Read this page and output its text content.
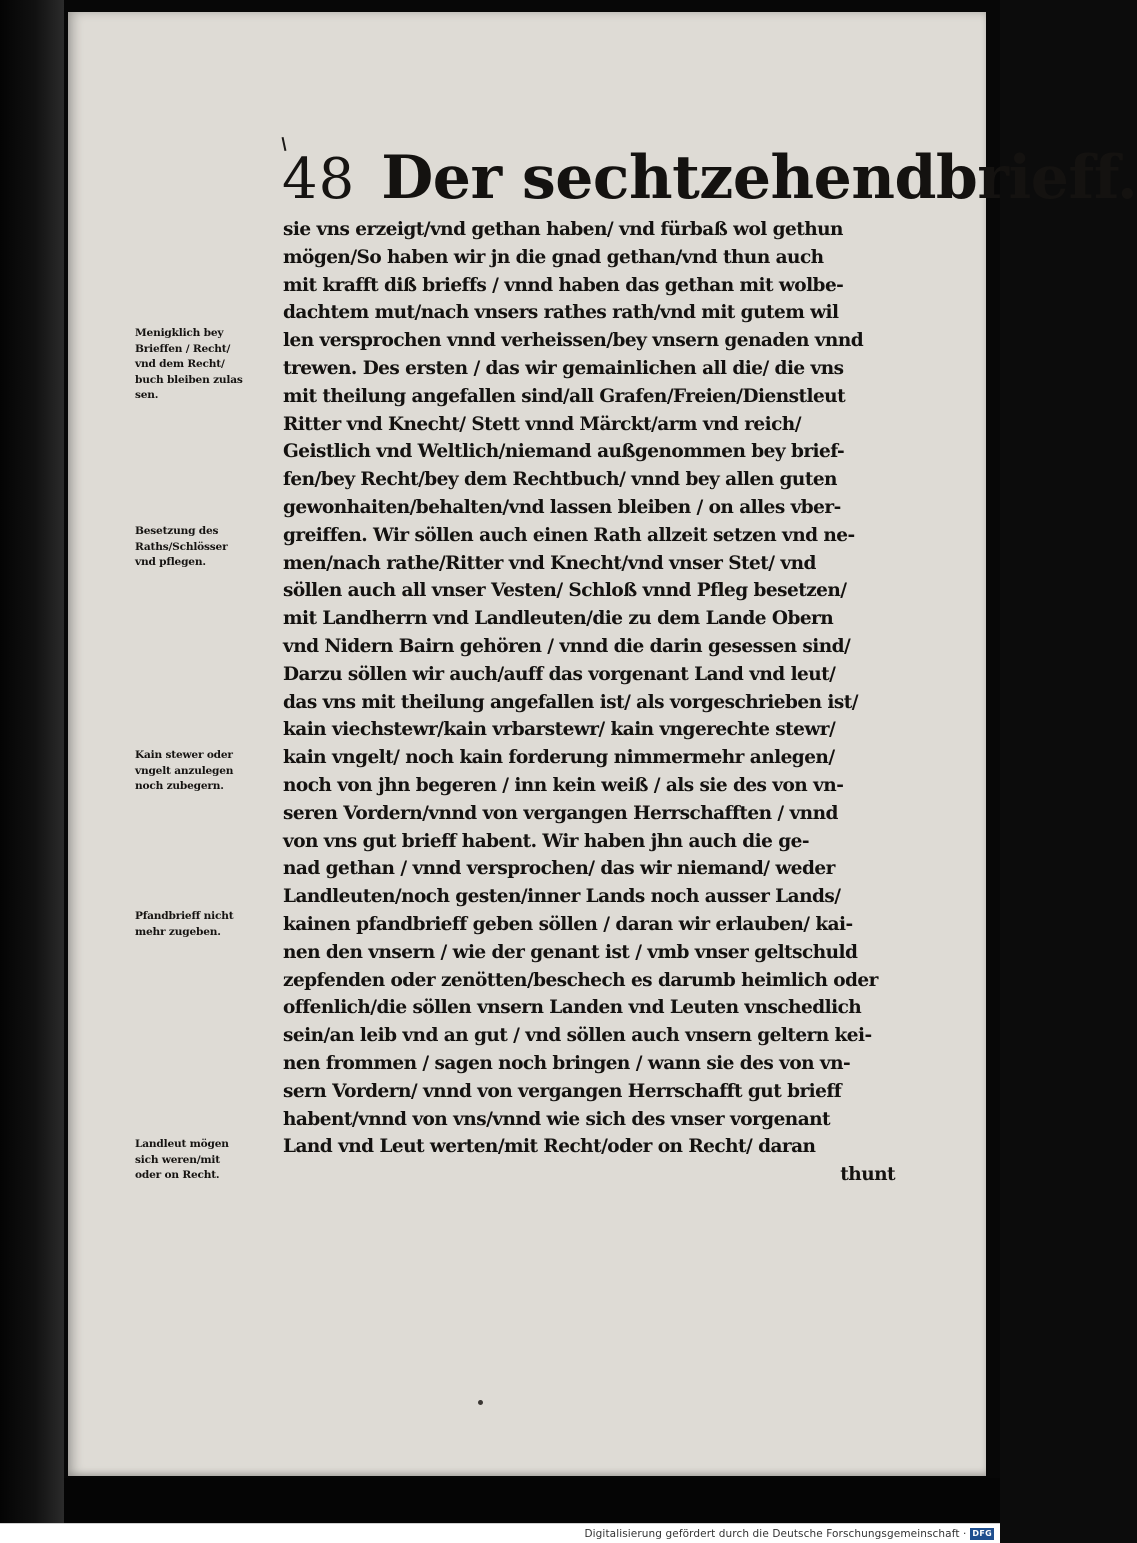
48 Der sechtzehendbrieff.
sie vns erzeigt/vnd gethan haben/ vnd fürbaß wol gethun
mögen/So haben wir jn die gnad gethan/vnd thun auch
mit krafft diß brieffs / vnnd haben das gethan mit wolbe-
dachtem mut/nach vnsers rathes rath/vnd mit gutem wil
len versprochen vnnd verheissen/bey vnsern genaden vnnd
trewen. Des ersten / das wir gemainlichen all die/ die vns
mit theilung angefallen sind/all Grafen/Freien/Dienstleut
Ritter vnd Knecht/ Stett vnnd Märckt/arm vnd reich/
Geistlich vnd Weltlich/niemand außgenommen bey brief-
fen/bey Recht/bey dem Rechtbuch/ vnnd bey allen guten
gewonhaiten/behalten/vnd lassen bleiben / on alles vber-
greiffen. Wir söllen auch einen Rath allzeit setzen vnd ne-
men/nach rathe/Ritter vnd Knecht/vnd vnser Stet/ vnd
söllen auch all vnser Vesten/ Schloß vnnd Pfleg besetzen/
mit Landherrn vnd Landleuten/die zu dem Lande Obern
vnd Nidern Bairn gehören / vnnd die darin gesessen sind/
Darzu söllen wir auch/auff das vorgenant Land vnd leut/
das vns mit theilung angefallen ist/ als vorgeschrieben ist/
kain viechstewr/kain vrbarstewr/ kain vngerechte stewr/
kain vngelt/ noch kain forderung nimmermehr anlegen/
noch von jhn begeren / inn kein weiß / als sie des von vn-
seren Vordern/vnnd von vergangen Herrschafften / vnnd
von vns gut brieff habent. Wir haben jhn auch die ge-
nad gethan / vnnd versprochen/ das wir niemand/ weder
Landleuten/noch gesten/inner Lands noch ausser Lands/
kainen pfandbrieff geben söllen / daran wir erlauben/ kai-
nen den vnsern / wie der genant ist / vmb vnser geltschuld
zepfenden oder zenötten/beschech es darumb heimlich oder
offenlich/die söllen vnsern Landen vnd Leuten vnschedlich
sein/an leib vnd an gut / vnd söllen auch vnsern geltern kei-
nen frommen / sagen noch bringen / wann sie des von vn-
sern Vordern/ vnnd von vergangen Herrschafft gut brieff
habent/vnnd von vns/vnnd wie sich des vnser vorgenant
Land vnd Leut werten/mit Recht/oder on Recht/ daran
thunt
Menigklich bey
Brieffen / Recht/
vnd dem Recht/
buch bleiben zulas
sen.
Besetzung des
Raths/Schlösser
vnd pflegen.
Kain stewer oder
vngelt anzulegen
noch zubegern.
Pfandbrieff nicht
mehr zugeben.
Landleut mögen
sich weren/mit
oder on Recht.
Digitalisierung gefördert durch die Deutsche Forschungsgemeinschaft · DFG
